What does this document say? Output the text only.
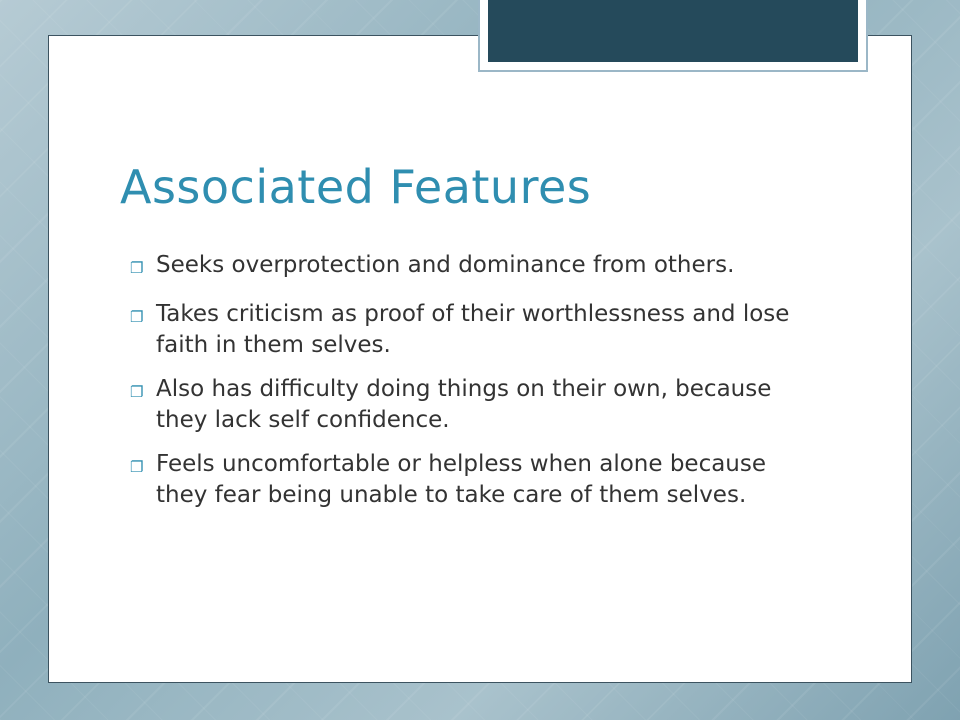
Associated Features
❐ Seeks overprotection and dominance from others.
❐ Takes criticism as proof of their worthlessness and lose faith in them selves.
❐ Also has difficulty doing things on their own, because they lack self confidence.
❐ Feels uncomfortable or helpless when alone because they fear being unable to take care of them selves.
